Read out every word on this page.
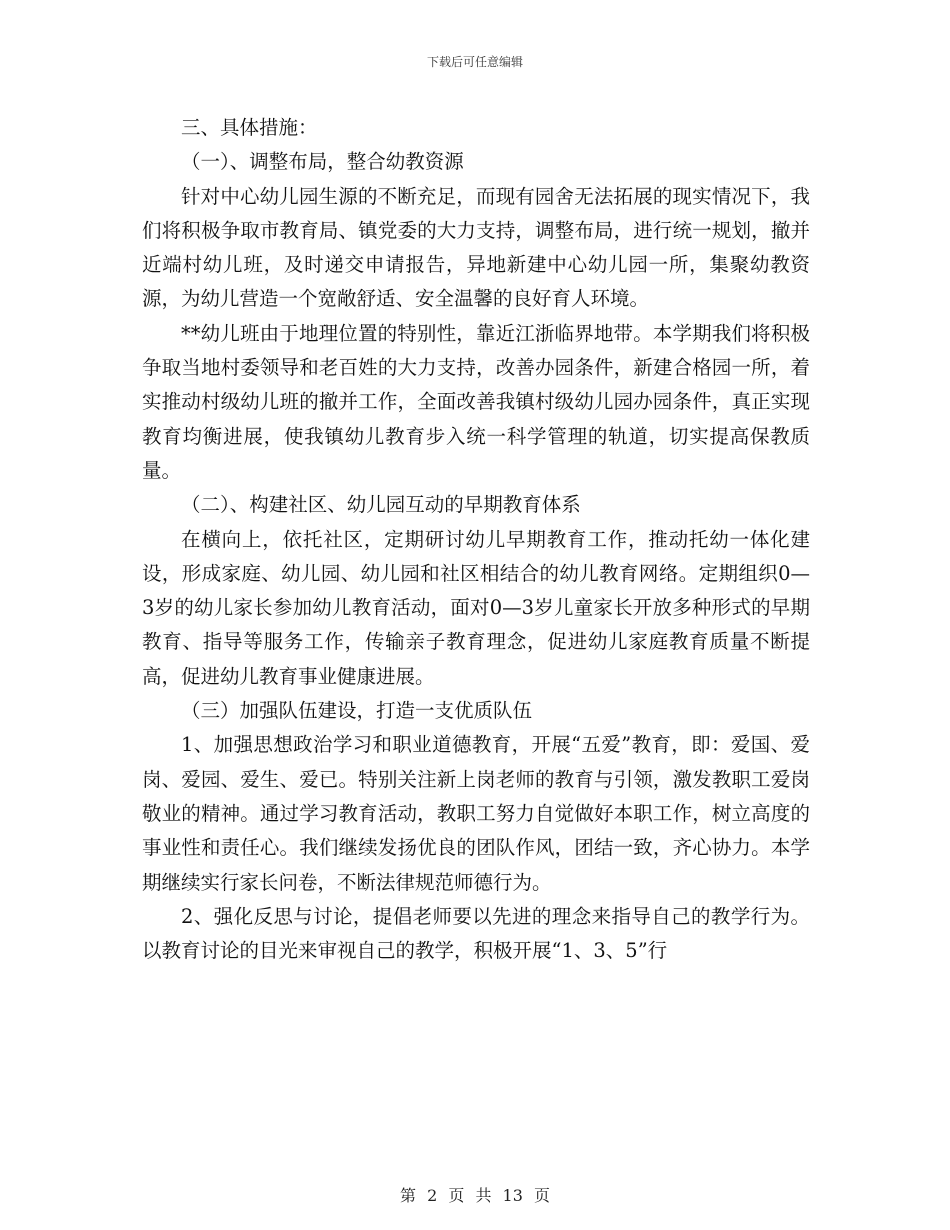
下载后可任意编辑

三、具体措施：

（一）、调整布局，整合幼教资源

针对中心幼儿园生源的不断充足，而现有园舍无法拓展的现实情况下，我们将积极争取市教育局、镇党委的大力支持，调整布局，进行统一规划，撤并近端村幼儿班，及时递交申请报告，异地新建中心幼儿园一所，集聚幼教资源，为幼儿营造一个宽敞舒适、安全温馨的良好育人环境。

**幼儿班由于地理位置的特别性，靠近江浙临界地带。本学期我们将积极争取当地村委领导和老百姓的大力支持，改善办园条件，新建合格园一所，着实推动村级幼儿班的撤并工作，全面改善我镇村级幼儿园办园条件，真正实现教育均衡进展，使我镇幼儿教育步入统一科学管理的轨道，切实提高保教质量。

（二）、构建社区、幼儿园互动的早期教育体系

在横向上，依托社区，定期研讨幼儿早期教育工作，推动托幼一体化建设，形成家庭、幼儿园、幼儿园和社区相结合的幼儿教育网络。定期组织0—3岁的幼儿家长参加幼儿教育活动，面对0—3岁儿童家长开放多种形式的早期教育、指导等服务工作，传输亲子教育理念，促进幼儿家庭教育质量不断提高，促进幼儿教育事业健康进展。

（三）加强队伍建设，打造一支优质队伍

1、加强思想政治学习和职业道德教育，开展“五爱”教育，即：爱国、爱岗、爱园、爱生、爱已。特别关注新上岗老师的教育与引领，激发教职工爱岗敬业的精神。通过学习教育活动，教职工努力自觉做好本职工作，树立高度的事业性和责任心。我们继续发扬优良的团队作风，团结一致，齐心协力。本学期继续实行家长问卷，不断法律规范师德行为。

2、强化反思与讨论，提倡老师要以先进的理念来指导自己的教学行为。以教育讨论的目光来审视自己的教学，积极开展“1、3、5”行

第 2 页 共 13 页
